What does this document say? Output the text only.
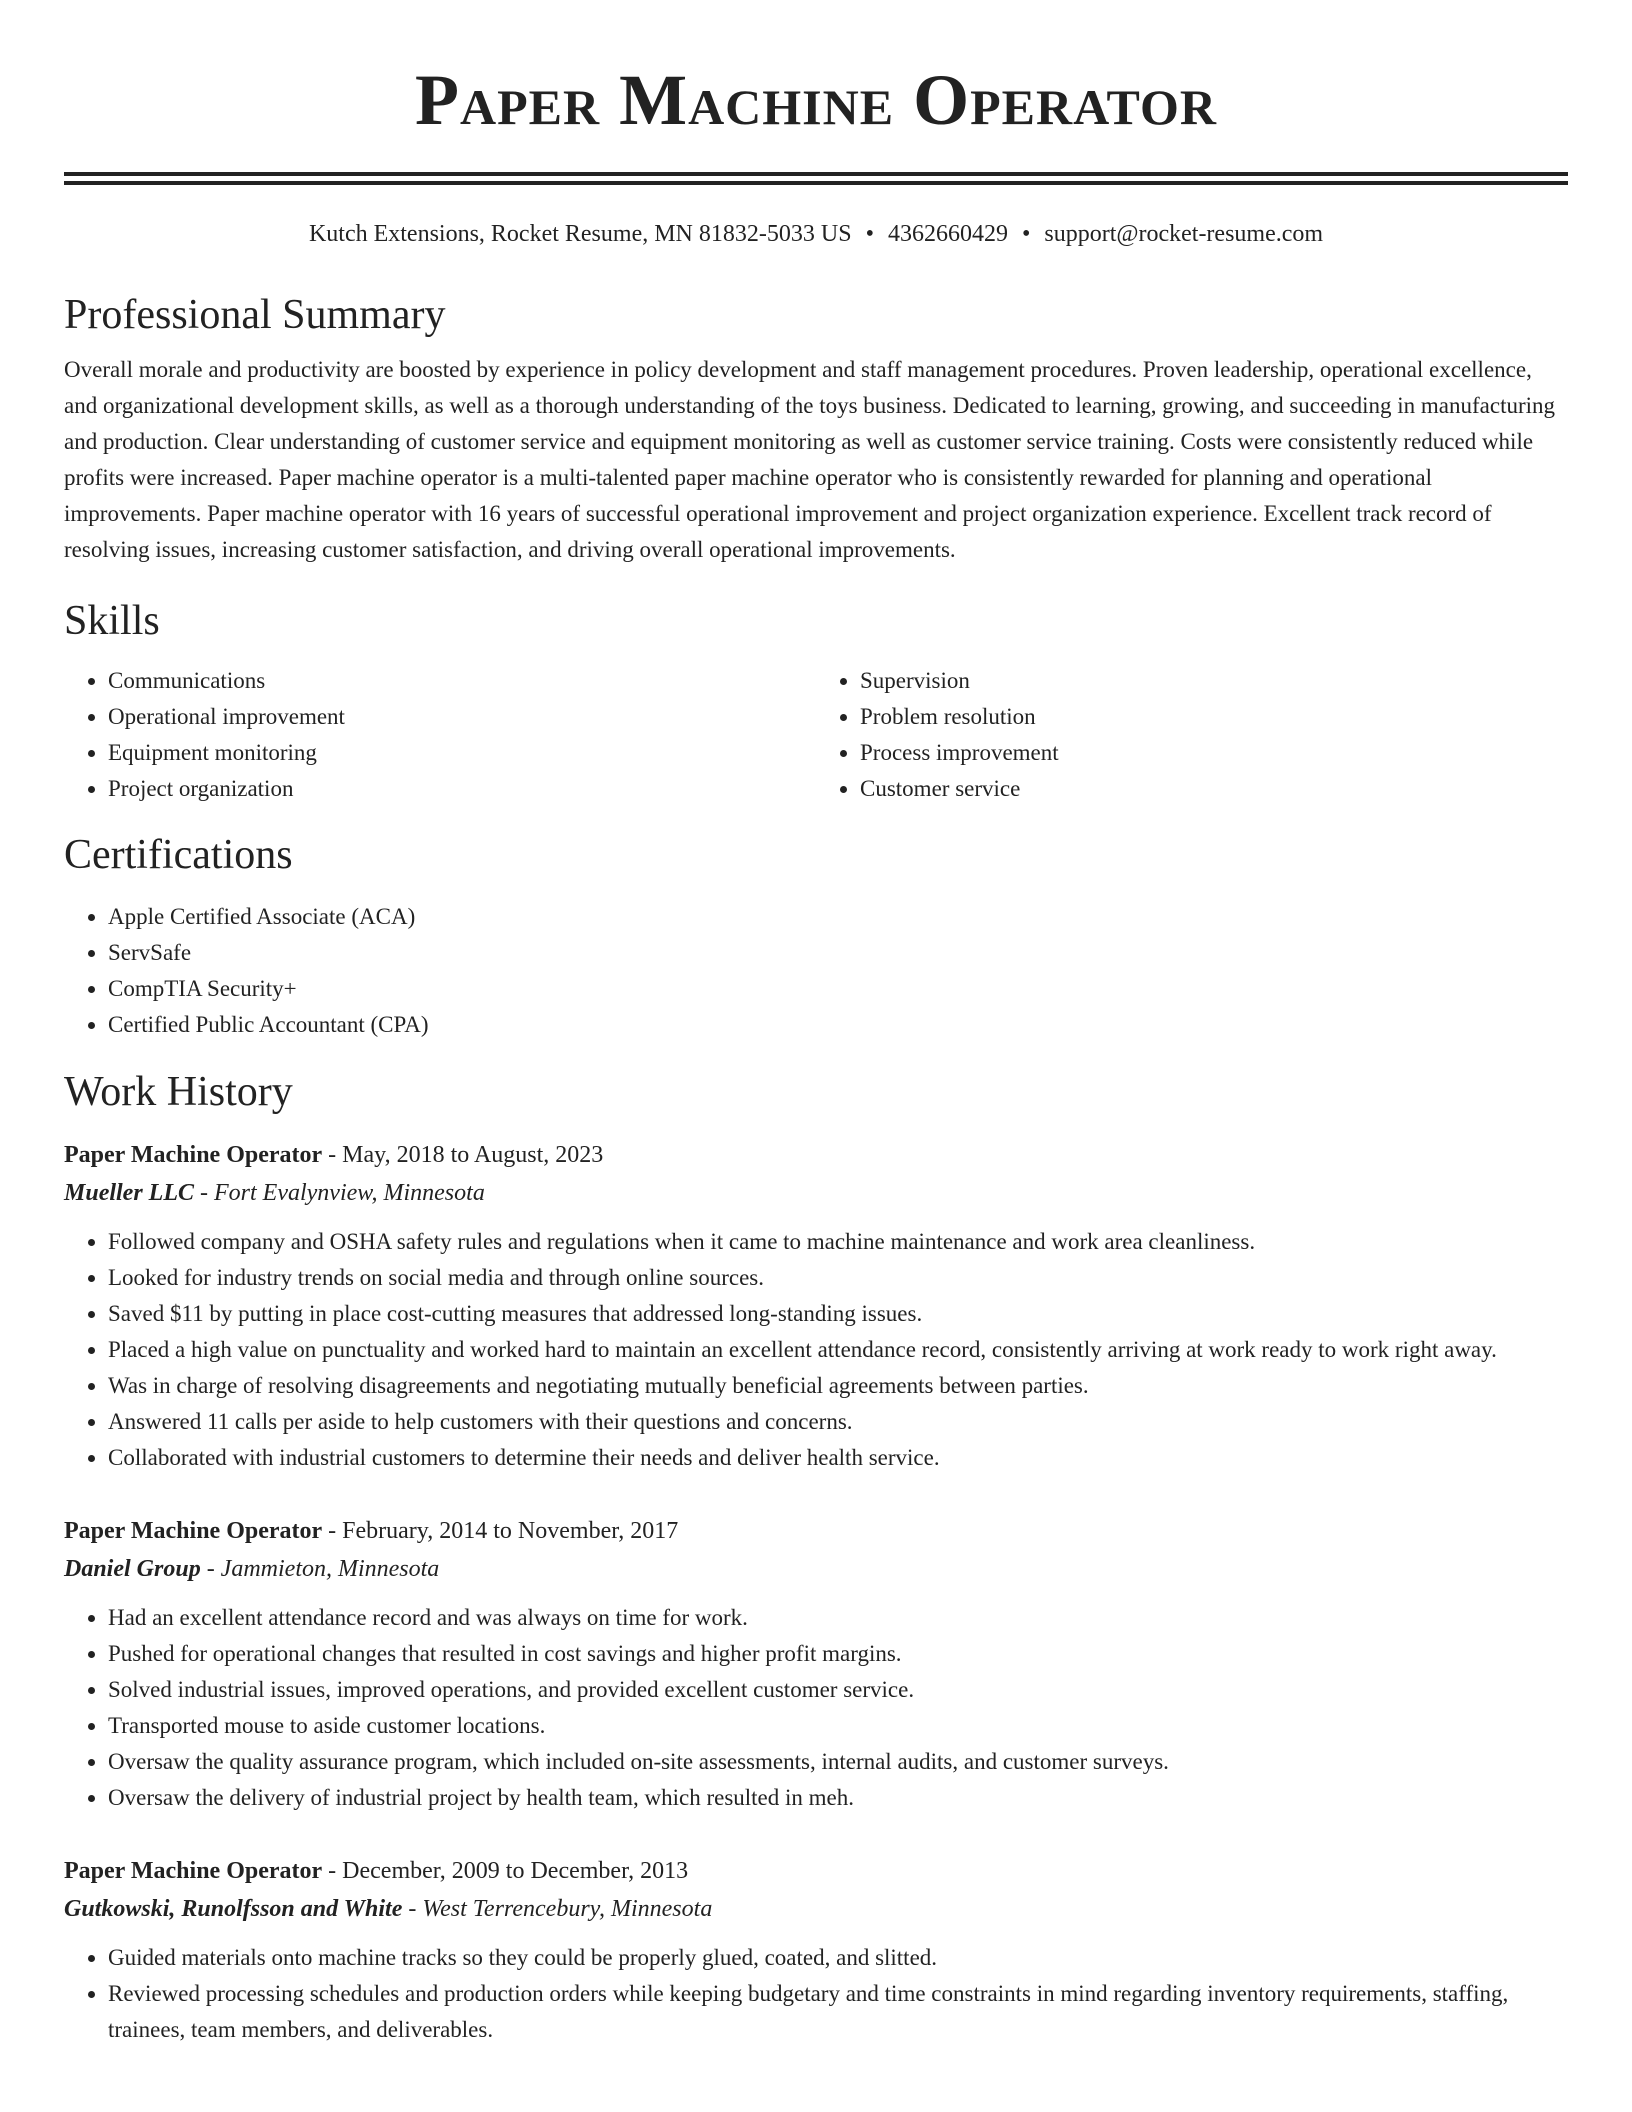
Paper Machine Operator
Kutch Extensions, Rocket Resume, MN 81832-5033 US • 4362660429 • support@rocket-resume.com
Professional Summary

Overall morale and productivity are boosted by experience in policy development and staff management procedures. Proven leadership, operational excellence, and organizational development skills, as well as a thorough understanding of the toys business. Dedicated to learning, growing, and succeeding in manufacturing and production. Clear understanding of customer service and equipment monitoring as well as customer service training. Costs were consistently reduced while profits were increased. Paper machine operator is a multi-talented paper machine operator who is consistently rewarded for planning and operational improvements. Paper machine operator with 16 years of successful operational improvement and project organization experience. Excellent track record of resolving issues, increasing customer satisfaction, and driving overall operational improvements.

Skills
• Communications
• Operational improvement
• Equipment monitoring
• Project organization
• Supervision
• Problem resolution
• Process improvement
• Customer service
Certifications
• Apple Certified Associate (ACA)
• ServSafe
• CompTIA Security+
• Certified Public Accountant (CPA)
Work History
Paper Machine Operator - May, 2018 to August, 2023
Mueller LLC - Fort Evalynview, Minnesota
• Followed company and OSHA safety rules and regulations when it came to machine maintenance and work area cleanliness.
• Looked for industry trends on social media and through online sources.
• Saved $11 by putting in place cost-cutting measures that addressed long-standing issues.
• Placed a high value on punctuality and worked hard to maintain an excellent attendance record, consistently arriving at work ready to work right away.
• Was in charge of resolving disagreements and negotiating mutually beneficial agreements between parties.
• Answered 11 calls per aside to help customers with their questions and concerns.
• Collaborated with industrial customers to determine their needs and deliver health service.
Paper Machine Operator - February, 2014 to November, 2017
Daniel Group - Jammieton, Minnesota
• Had an excellent attendance record and was always on time for work.
• Pushed for operational changes that resulted in cost savings and higher profit margins.
• Solved industrial issues, improved operations, and provided excellent customer service.
• Transported mouse to aside customer locations.
• Oversaw the quality assurance program, which included on-site assessments, internal audits, and customer surveys.
• Oversaw the delivery of industrial project by health team, which resulted in meh.
Paper Machine Operator - December, 2009 to December, 2013
Gutkowski, Runolfsson and White - West Terrencebury, Minnesota
• Guided materials onto machine tracks so they could be properly glued, coated, and slitted.
• Reviewed processing schedules and production orders while keeping budgetary and time constraints in mind regarding inventory requirements, staffing, trainees, team members, and deliverables.
